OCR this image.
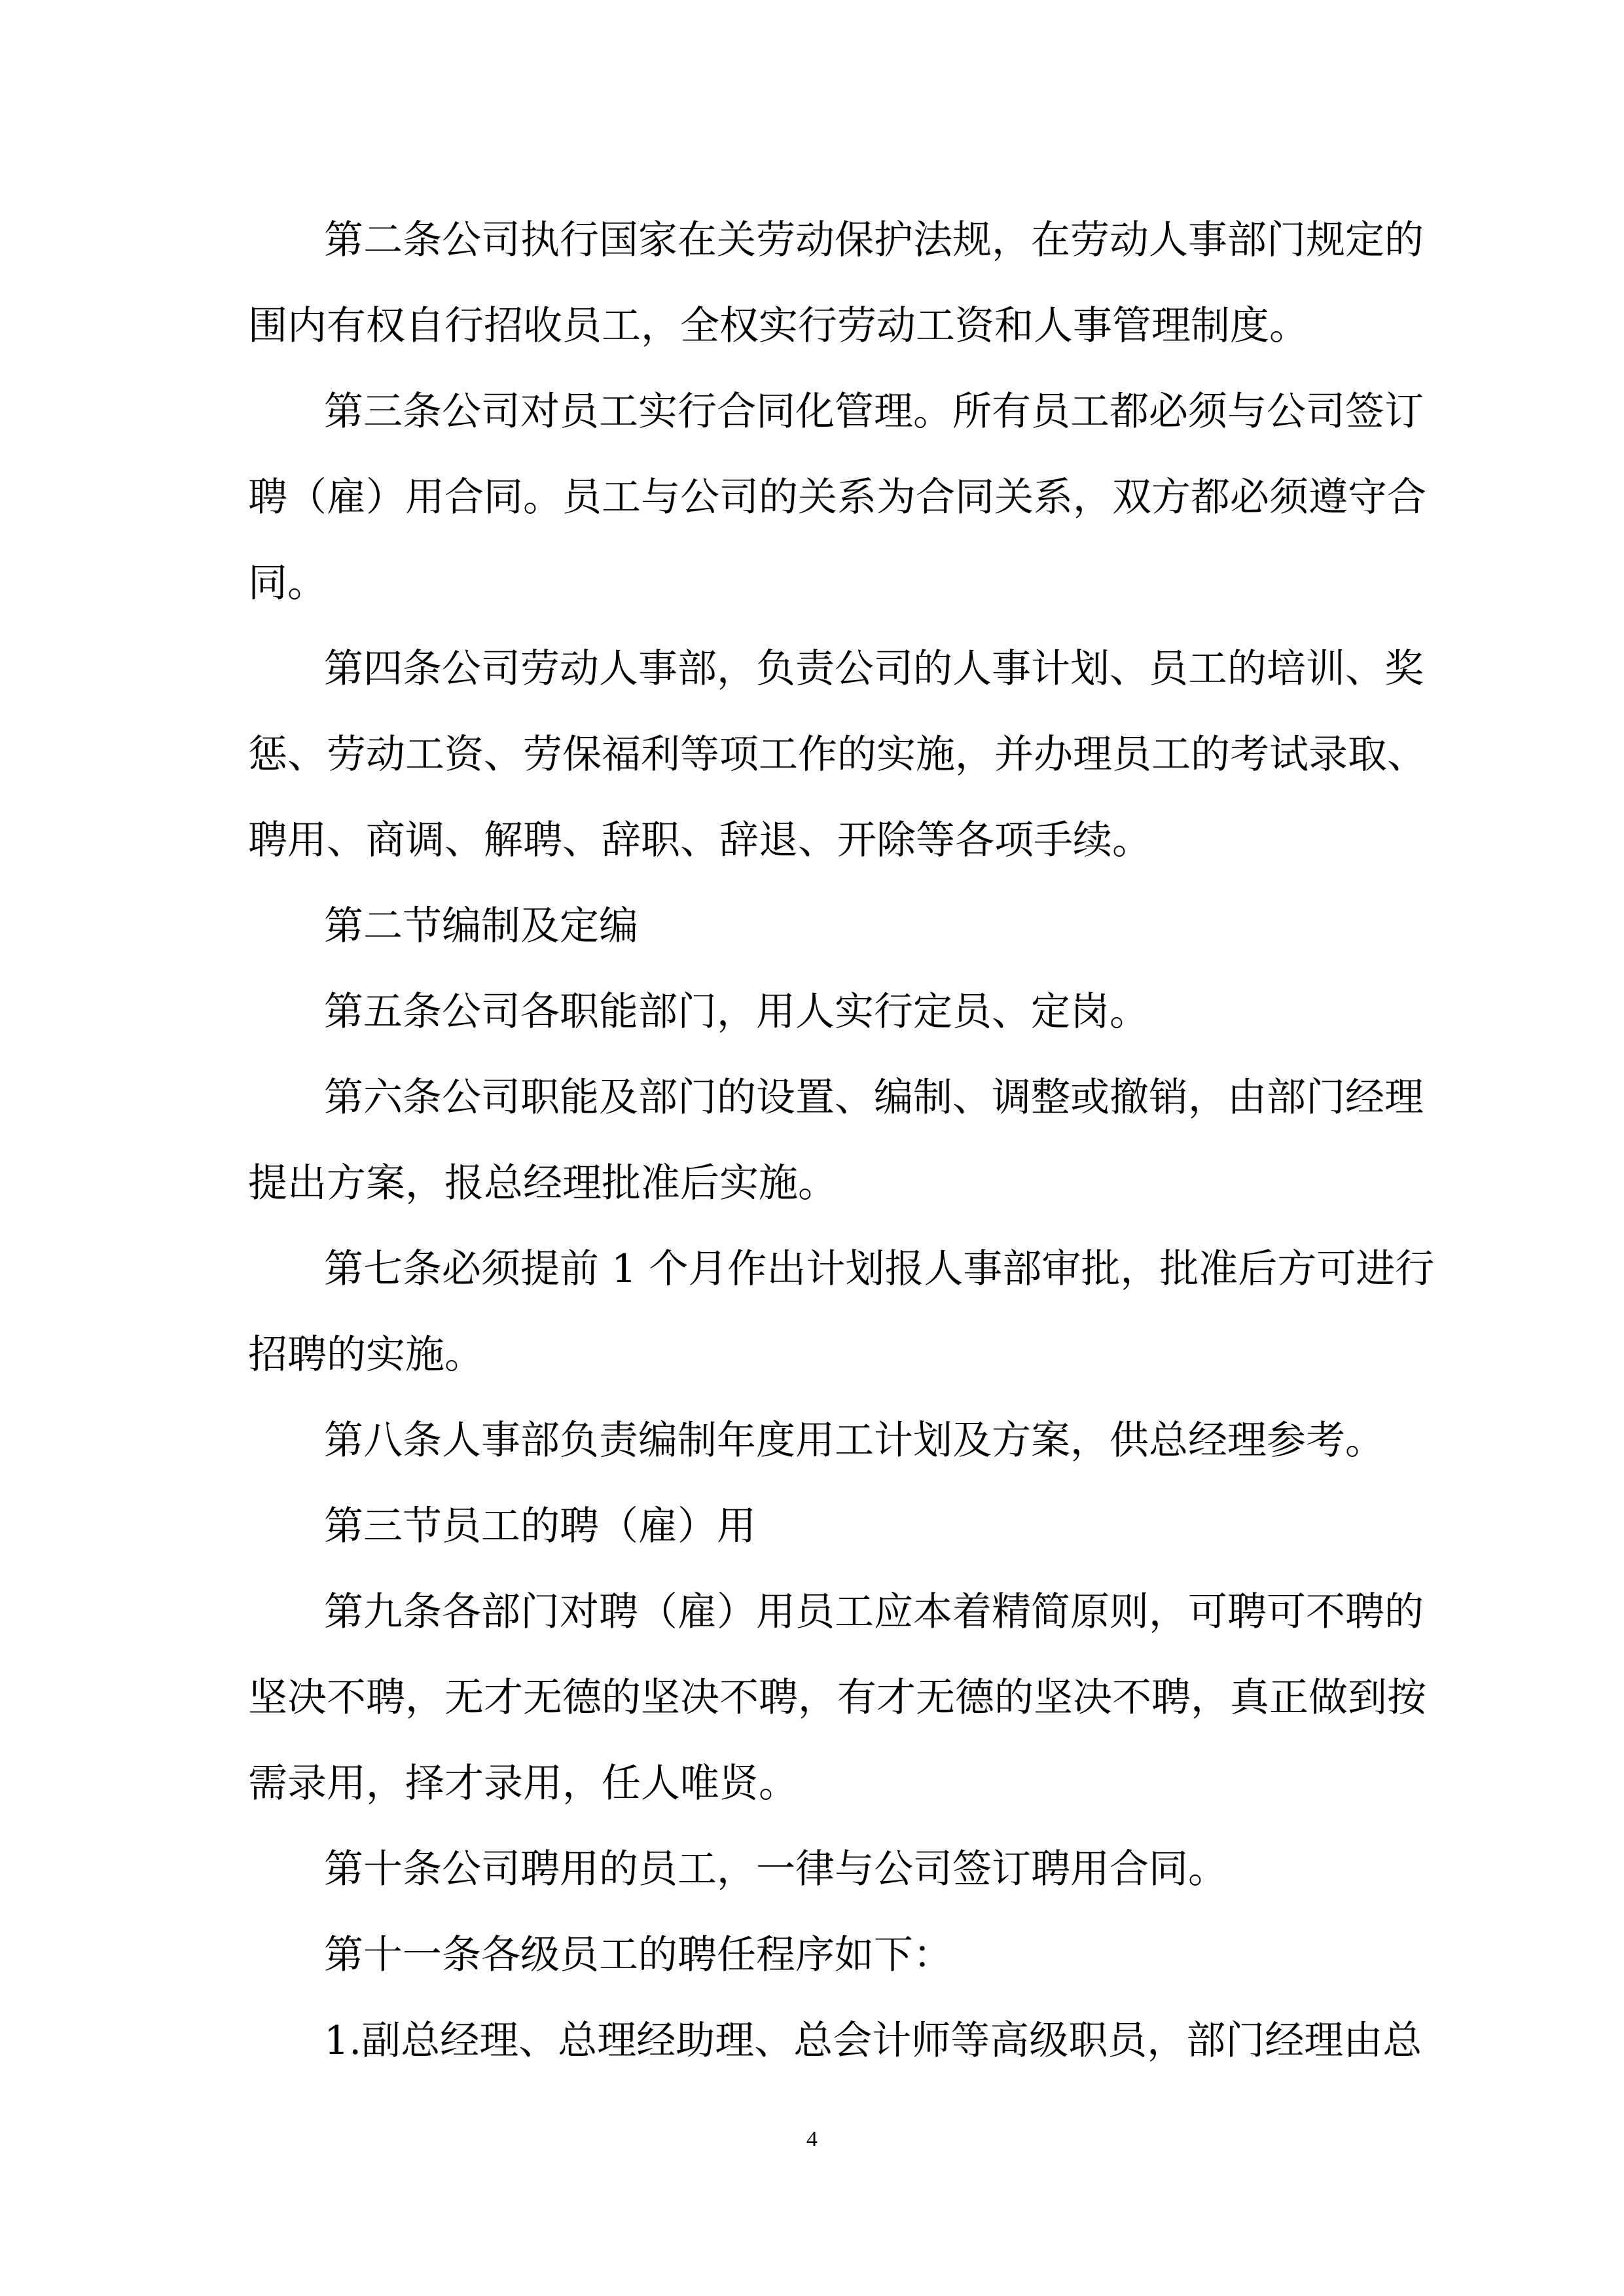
第二条公司执行国家在关劳动保护法规，在劳动人事部门规定的
围内有权自行招收员工，全权实行劳动工资和人事管理制度。
第三条公司对员工实行合同化管理。所有员工都必须与公司签订
聘（雇）用合同。员工与公司的关系为合同关系，双方都必须遵守合
同。
第四条公司劳动人事部，负责公司的人事计划、员工的培训、奖
惩、劳动工资、劳保福利等项工作的实施，并办理员工的考试录取、
聘用、商调、解聘、辞职、辞退、开除等各项手续。
第二节编制及定编
第五条公司各职能部门，用人实行定员、定岗。
第六条公司职能及部门的设置、编制、调整或撤销，由部门经理
提出方案，报总经理批准后实施。
第七条必须提前 1 个月作出计划报人事部审批，批准后方可进行
招聘的实施。
第八条人事部负责编制年度用工计划及方案，供总经理参考。
第三节员工的聘（雇）用
第九条各部门对聘（雇）用员工应本着精简原则，可聘可不聘的
坚决不聘，无才无德的坚决不聘，有才无德的坚决不聘，真正做到按
需录用，择才录用，任人唯贤。
第十条公司聘用的员工，一律与公司签订聘用合同。
第十一条各级员工的聘任程序如下：
1.副总经理、总理经助理、总会计师等高级职员，部门经理由总
4
